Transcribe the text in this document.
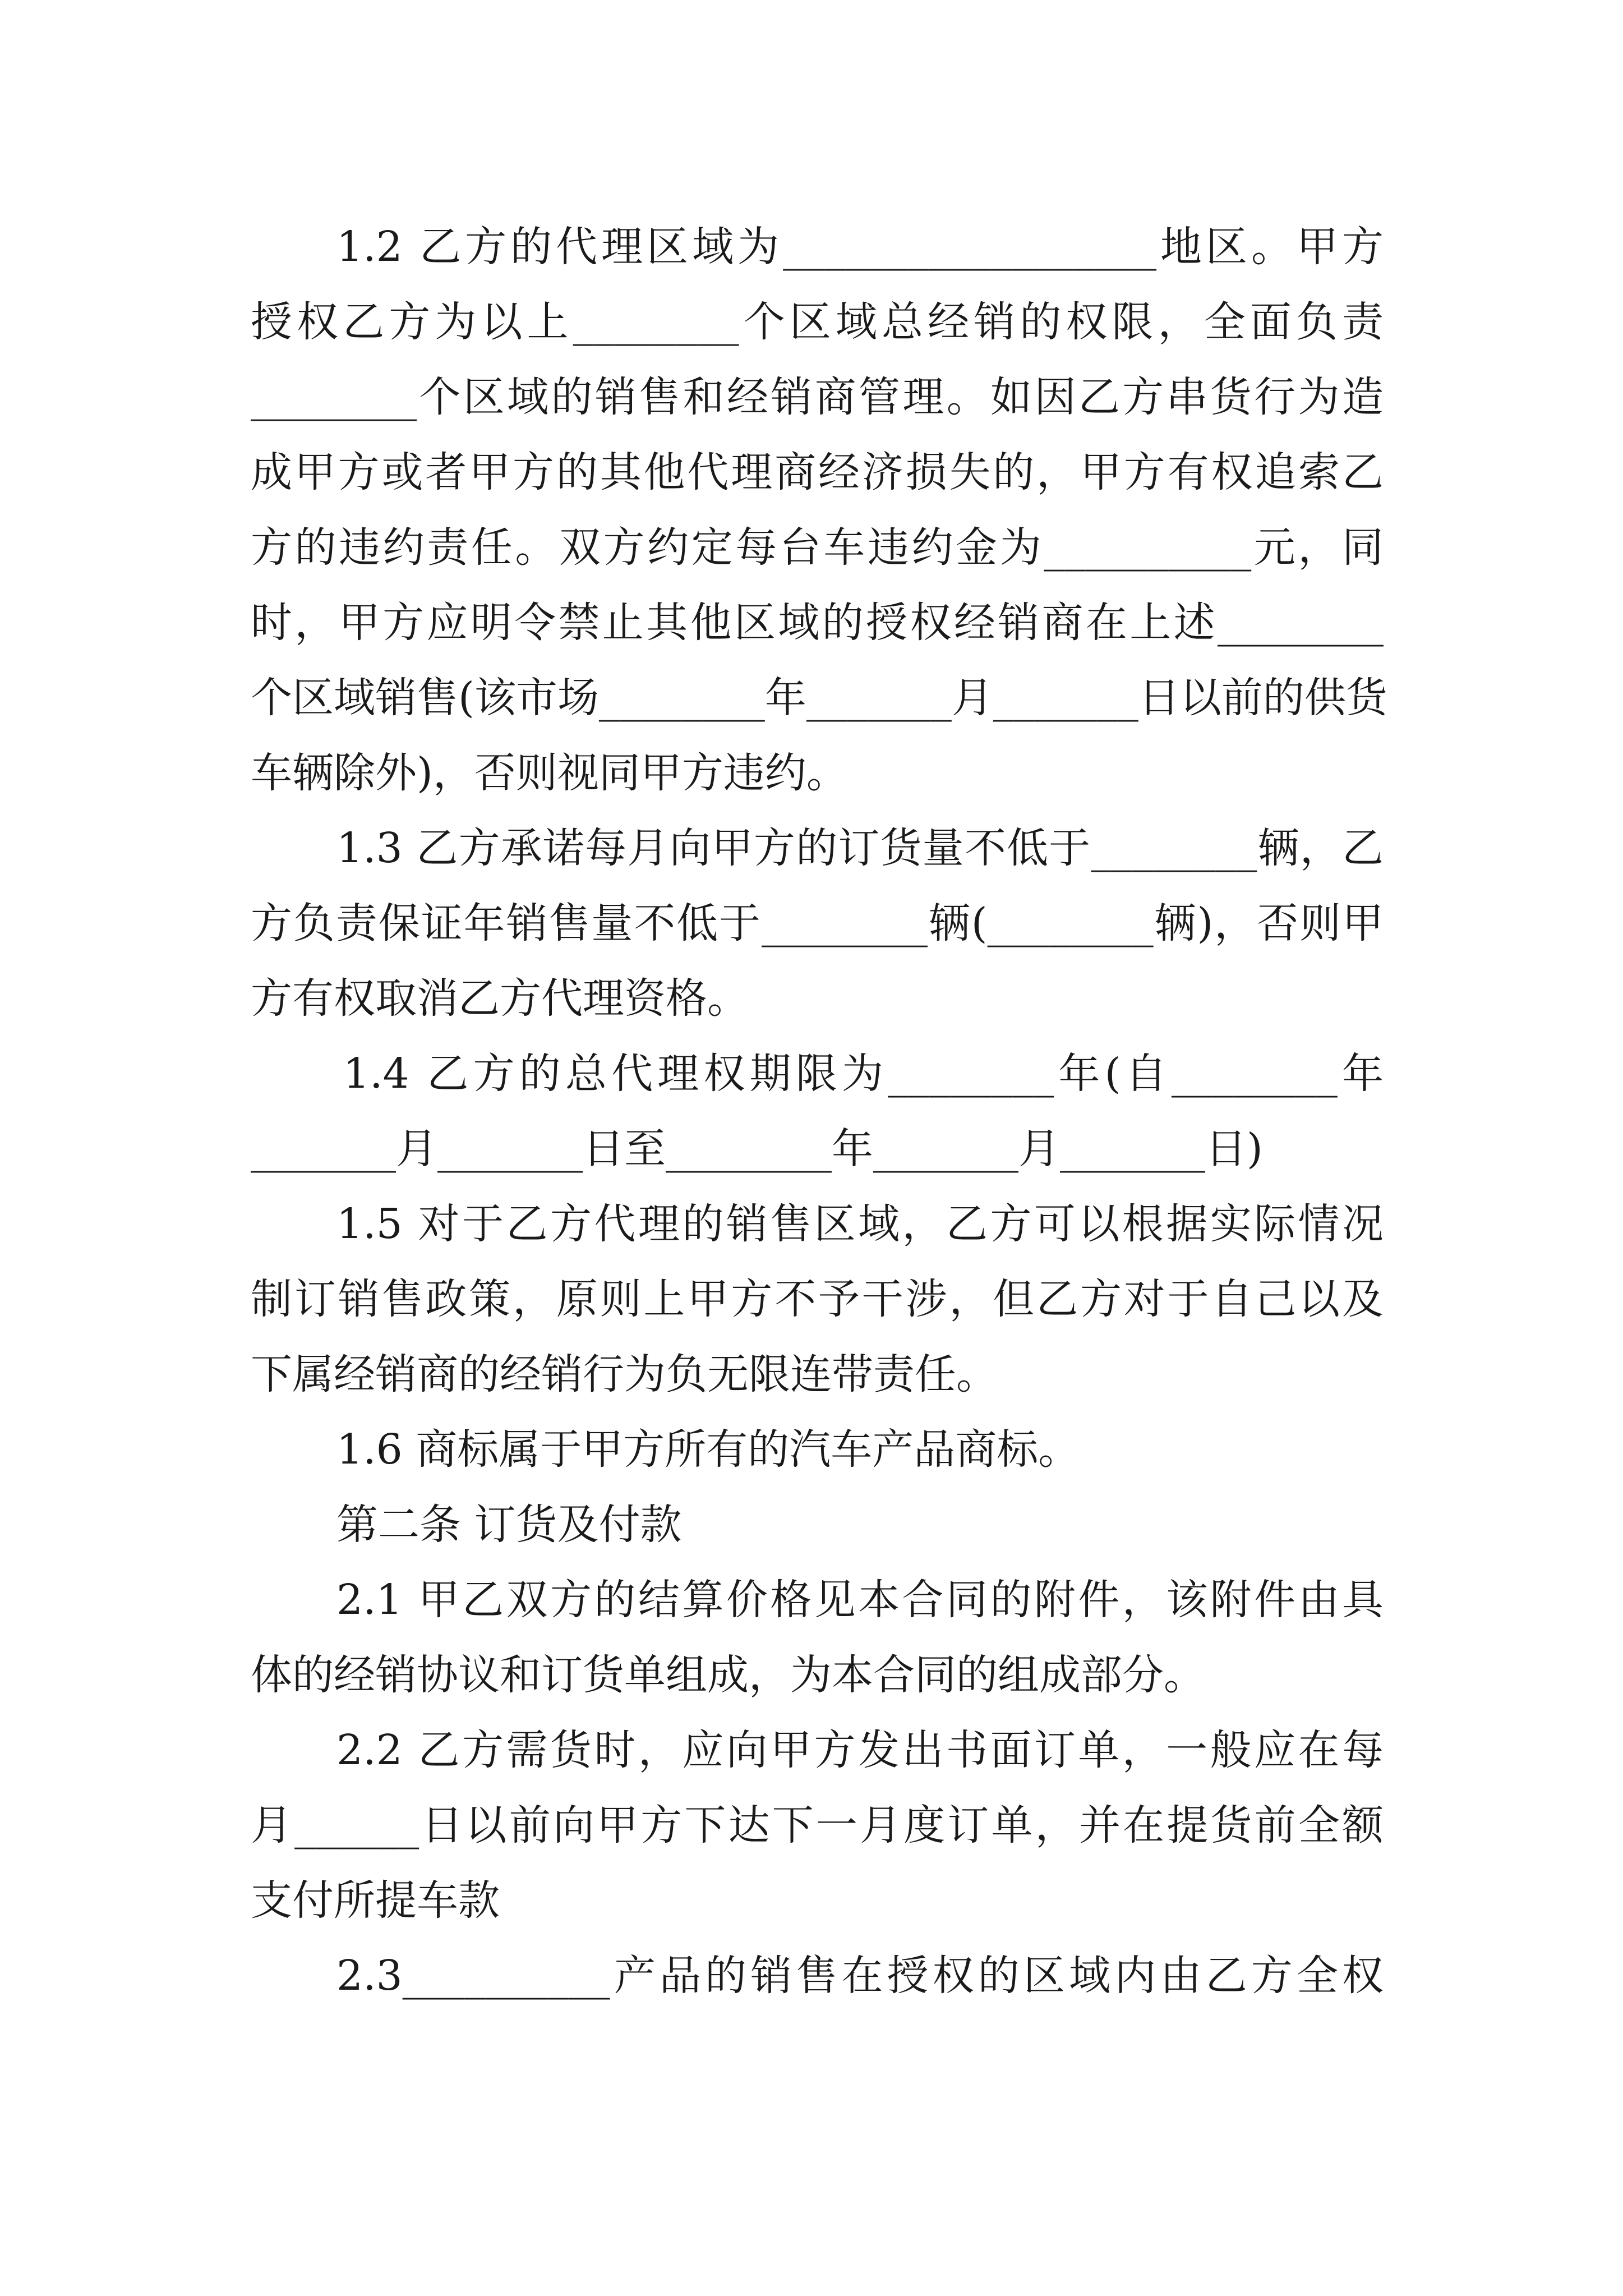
1.2 乙方的代理区域为__________________地区。甲方

授权乙方为以上________个区域总经销的权限，全面负责

________个区域的销售和经销商管理。如因乙方串货行为造

成甲方或者甲方的其他代理商经济损失的，甲方有权追索乙

方的违约责任。双方约定每台车违约金为__________元，同

时，甲方应明令禁止其他区域的授权经销商在上述________

个区域销售(该市场________年_______月_______日以前的供货

车辆除外)，否则视同甲方违约。

1.3 乙方承诺每月向甲方的订货量不低于________辆，乙

方负责保证年销售量不低于________辆(________辆)，否则甲

方有权取消乙方代理资格。

1.4 乙方的总代理权期限为________年(自________年

_______月_______日至________年_______月_______日)

1.5 对于乙方代理的销售区域，乙方可以根据实际情况

制订销售政策，原则上甲方不予干涉，但乙方对于自己以及

下属经销商的经销行为负无限连带责任。

1.6 商标属于甲方所有的汽车产品商标。

第二条 订货及付款

2.1 甲乙双方的结算价格见本合同的附件，该附件由具

体的经销协议和订货单组成，为本合同的组成部分。

2.2 乙方需货时，应向甲方发出书面订单，一般应在每

月______日以前向甲方下达下一月度订单，并在提货前全额

支付所提车款

2.3__________产品的销售在授权的区域内由乙方全权
